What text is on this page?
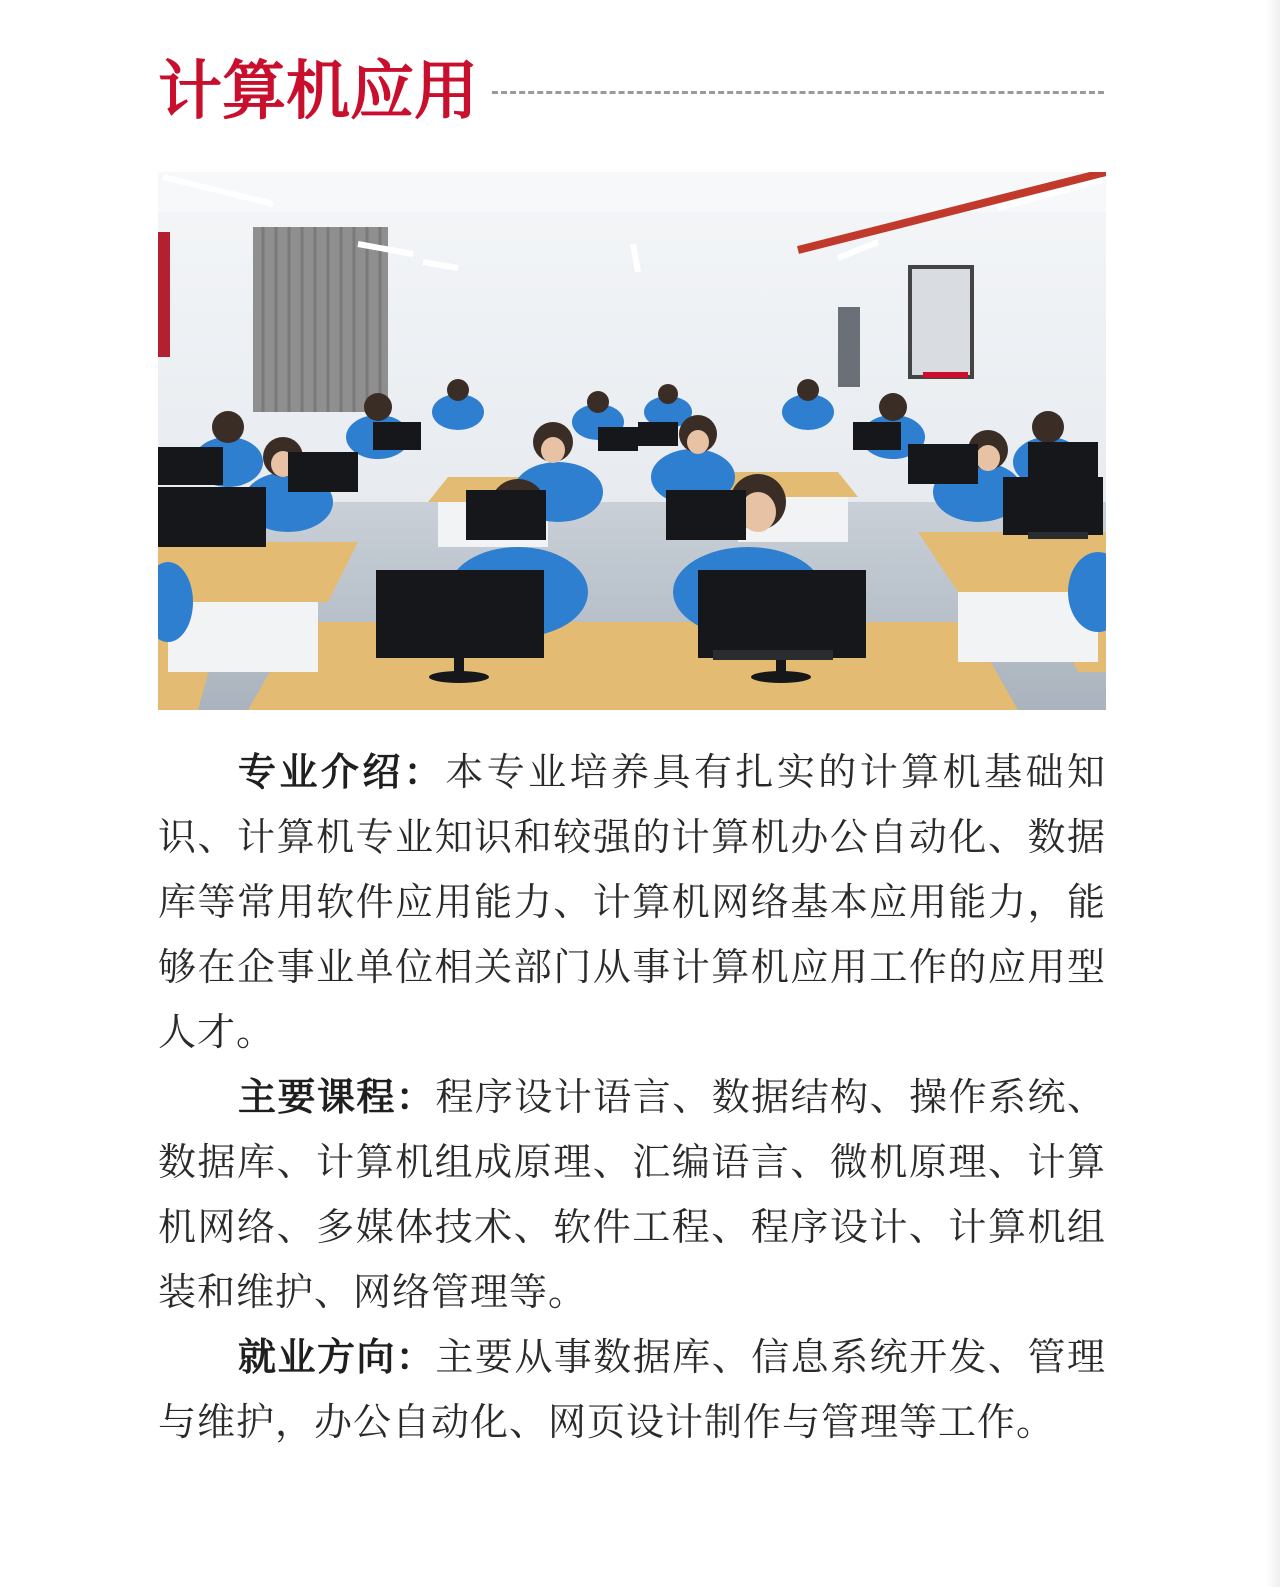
计算机应用

专业介绍：本专业培养具有扎实的计算机基础知识、计算机专业知识和较强的计算机办公自动化、数据库等常用软件应用能力、计算机网络基本应用能力，能够在企事业单位相关部门从事计算机应用工作的应用型人才。

主要课程：程序设计语言、数据结构、操作系统、数据库、计算机组成原理、汇编语言、微机原理、计算机网络、多媒体技术、软件工程、程序设计、计算机组装和维护、网络管理等。

就业方向：主要从事数据库、信息系统开发、管理与维护，办公自动化、网页设计制作与管理等工作。
